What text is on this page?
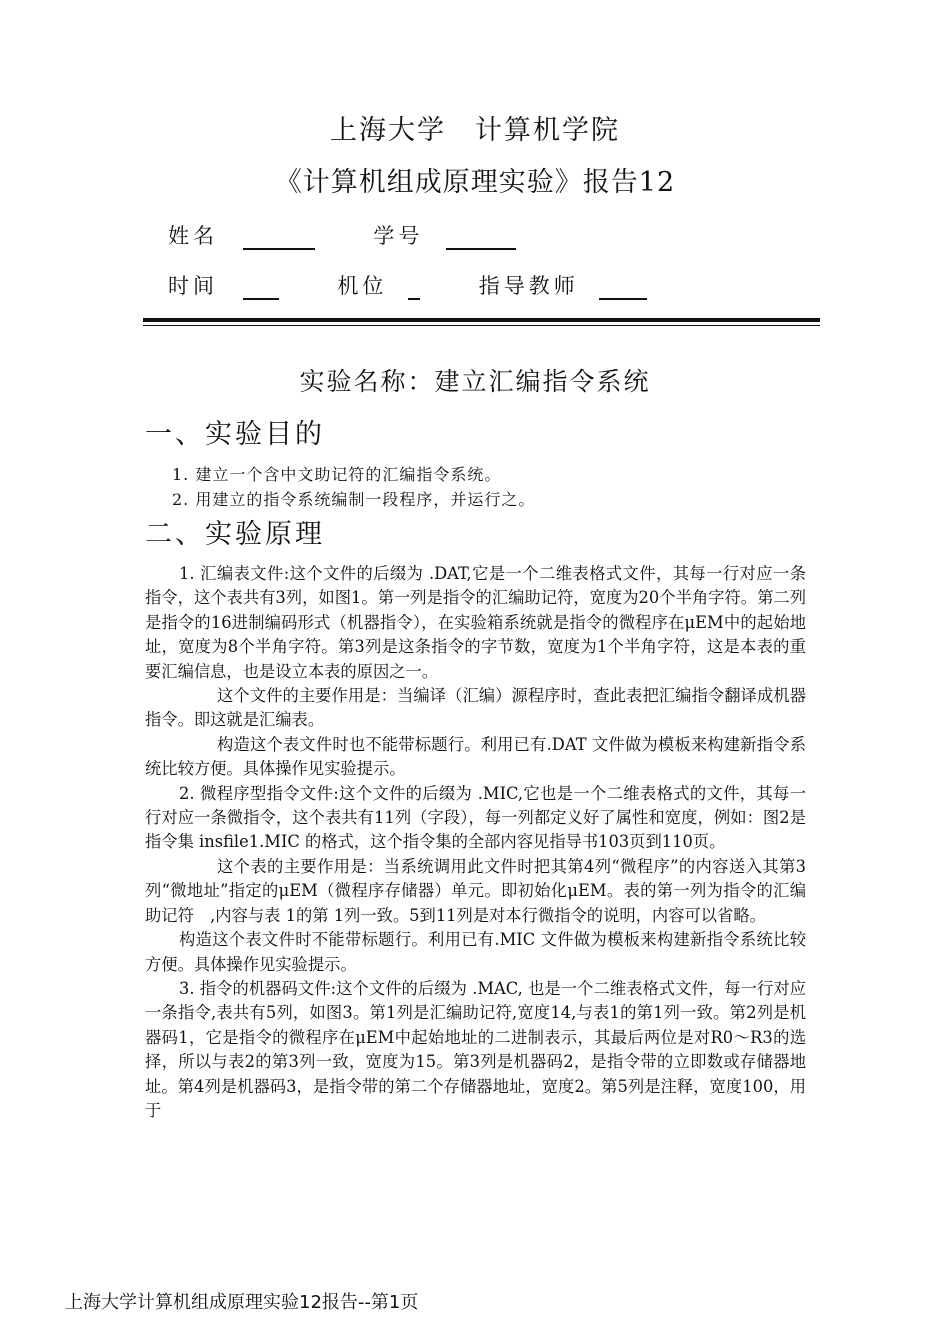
上海大学　计算机学院
《计算机组成原理实验》报告12
姓名	学号
时间	机位	指导教师
实验名称：建立汇编指令系统
一、实验目的
1. 建立一个含中文助记符的汇编指令系统。
2. 用建立的指令系统编制一段程序，并运行之。
二、实验原理

1. 汇编表文件:这个文件的后缀为 .DAT,它是一个二维表格式文件，其每一行对应一条指令，这个表共有3列，如图1。第一列是指令的汇编助记符，宽度为20个半角字符。第二列是指令的16进制编码形式（机器指令），在实验箱系统就是指令的微程序在μEM中的起始地址，宽度为8个半角字符。第3列是这条指令的字节数，宽度为1个半角字符，这是本表的重要汇编信息，也是设立本表的原因之一。

这个文件的主要作用是：当编译（汇编）源程序时，查此表把汇编指令翻译成机器指令。即这就是汇编表。

构造这个表文件时也不能带标题行。利用已有.DAT 文件做为模板来构建新指令系统比较方便。具体操作见实验提示。

2. 微程序型指令文件:这个文件的后缀为 .MIC,它也是一个二维表格式的文件，其每一行对应一条微指令，这个表共有11列（字段），每一列都定义好了属性和宽度，例如：图2是指令集 insfile1.MIC 的格式，这个指令集的全部内容见指导书103页到110页。

这个表的主要作用是：当系统调用此文件时把其第4列“微程序”的内容送入其第3列“微地址”指定的μEM（微程序存储器）单元。即初始化μEM。表的第一列为指令的汇编助记符　,内容与表 1的第 1列一致。5到11列是对本行微指令的说明，内容可以省略。

构造这个表文件时不能带标题行。利用已有.MIC 文件做为模板来构建新指令系统比较方便。具体操作见实验提示。

3. 指令的机器码文件:这个文件的后缀为 .MAC, 也是一个二维表格式文件，每一行对应一条指令,表共有5列，如图3。第1列是汇编助记符,宽度14,与表1的第1列一致。第2列是机器码1，它是指令的微程序在μEM中起始地址的二进制表示，其最后两位是对R0～R3的选择，所以与表2的第3列一致，宽度为15。第3列是机器码2，是指令带的立即数或存储器地址。第4列是机器码3，是指令带的第二个存储器地址，宽度2。第5列是注释，宽度100，用于

上海大学计算机组成原理实验12报告--第1页
